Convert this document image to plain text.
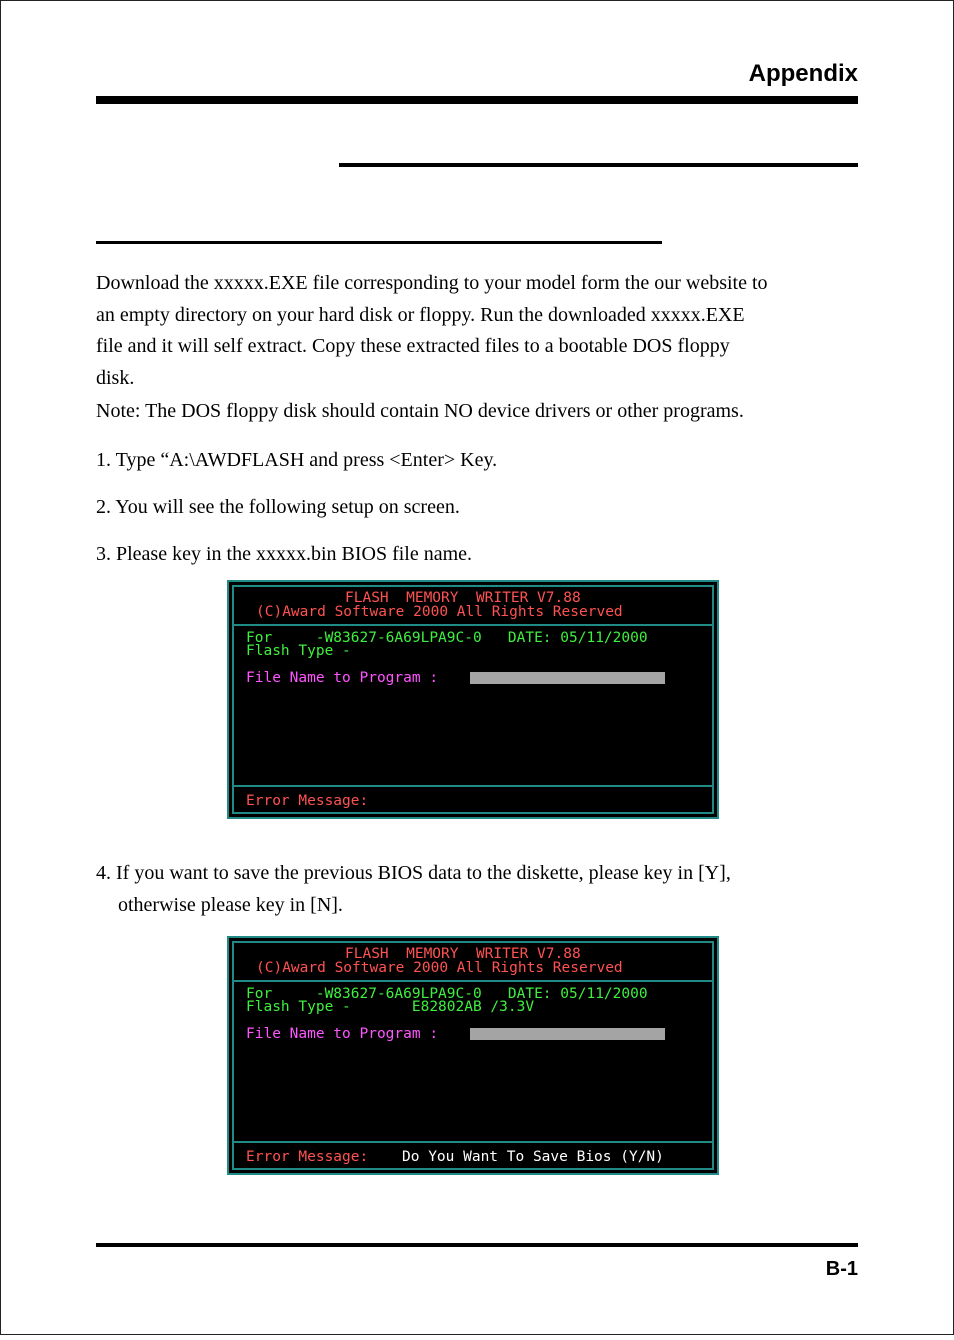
Appendix
Download the xxxxx.EXE file corresponding to your model form the our website to
an empty directory on your hard disk or floppy. Run the downloaded xxxxx.EXE
file and it will self extract. Copy these extracted files to a bootable DOS floppy
disk.
Note: The DOS floppy disk should contain NO device drivers or other programs.
1. Type “A:\AWDFLASH and press <Enter> Key.
2. You will see the following setup on screen.
3. Please key in the xxxxx.bin BIOS file name.
FLASH  MEMORY  WRITER V7.88
(C)Award Software 2000 All Rights Reserved
For     -W83627-6A69LPA9C-0   DATE: 05/11/2000
Flash Type -
File Name to Program :
Error Message:
4. If you want to save the previous BIOS data to the diskette, please key in [Y],
otherwise please key in [N].
FLASH  MEMORY  WRITER V7.88
(C)Award Software 2000 All Rights Reserved
For     -W83627-6A69LPA9C-0   DATE: 05/11/2000
Flash Type -       E82802AB /3.3V
File Name to Program :
Error Message: Do You Want To Save Bios (Y/N)
B-1
